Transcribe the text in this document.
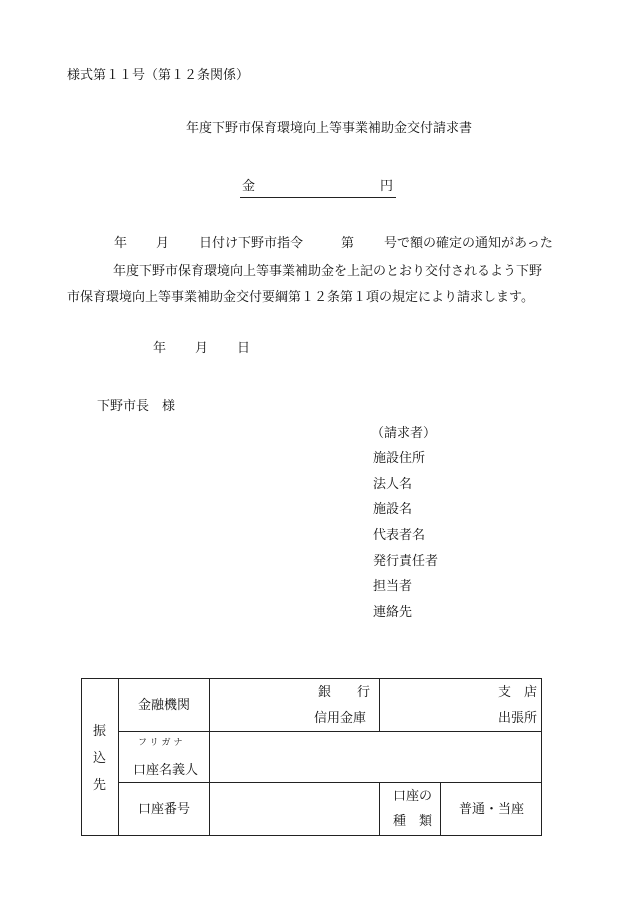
様式第１１号（第１２条関係）
年度下野市保育環境向上等事業補助金交付請求書
金	円
年 月 日付け下野市指令	第 号で額の確定の通知があった
年度下野市保育環境向上等事業補助金を上記のとおり交付されるよう下野
市保育環境向上等事業補助金交付要綱第１２条第１項の規定により請求します。
年 月 日
下野市長　様
（請求者）
施設住所
法人名
施設名
代表者名
発行責任者
担当者
連絡先
振
込
先
金融機関
銀　　行
信用金庫
支　店
出張所
フリガナ
口座名義人
口座番号
口座の
種　類
普通・当座
